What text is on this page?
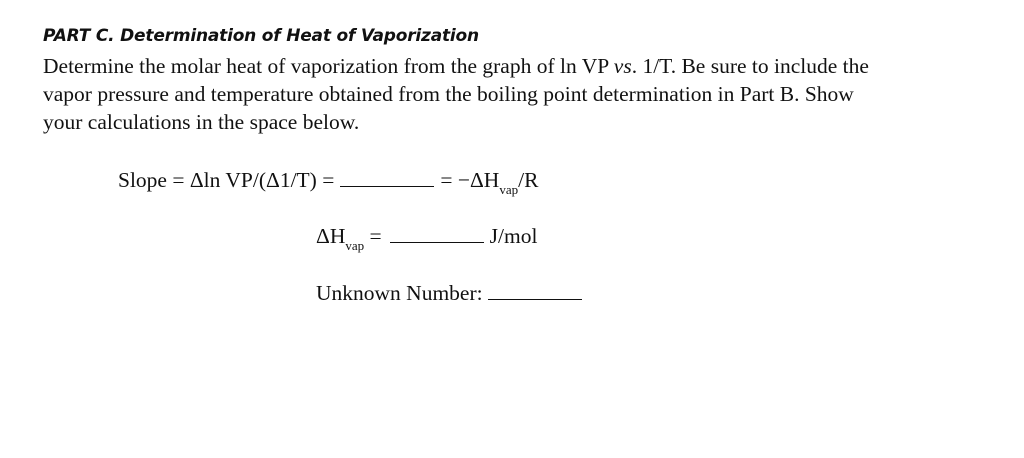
PART C. Determination of Heat of Vaporization
Determine the molar heat of vaporization from the graph of ln VP vs. 1/T. Be sure to include the
vapor pressure and temperature obtained from the boiling point determination in Part B. Show
your calculations in the space below.
Slope = Δln VP/(Δ1/T) =	= $-\Delta H_{vap}/R$
$\Delta H_{vap}$ =	J/mol
Unknown Number:
